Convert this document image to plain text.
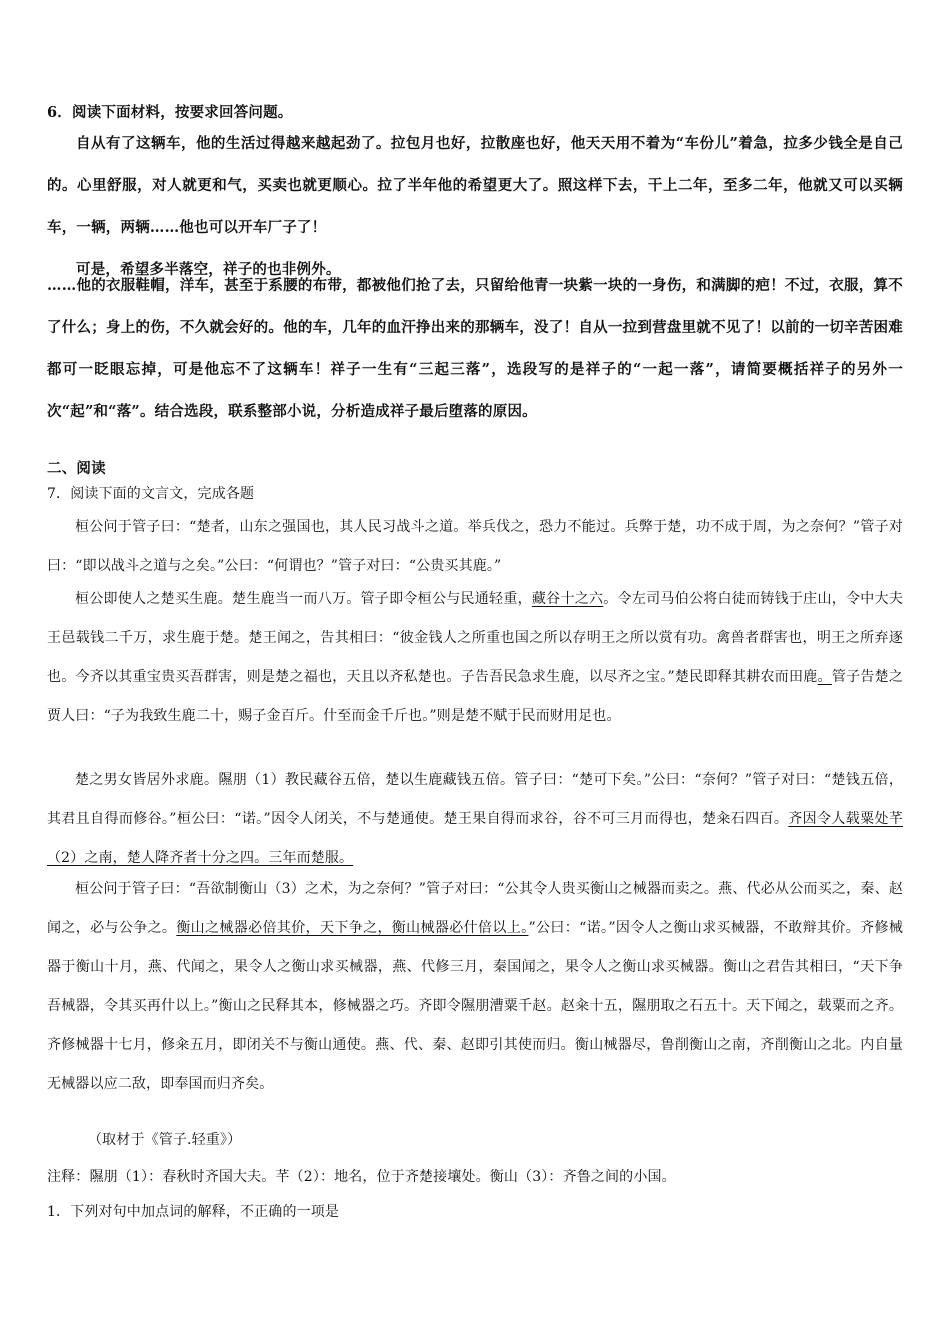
6．阅读下面材料，按要求回答问题。

自从有了这辆车，他的生活过得越来越起劲了。拉包月也好，拉散座也好，他天天用不着为“车份儿”着急，拉多少钱全是自己的。心里舒服，对人就更和气，买卖也就更顺心。拉了半年他的希望更大了。照这样下去，干上二年，至多二年，他就又可以买辆车，一辆，两辆……他也可以开车厂子了！

可是，希望多半落空，祥子的也非例外。

……他的衣服鞋帽，洋车，甚至于系腰的布带，都被他们抢了去，只留给他青一块紫一块的一身伤，和满脚的疤！不过，衣服，算不了什么；身上的伤，不久就会好的。他的车，几年的血汗挣出来的那辆车，没了！自从一拉到营盘里就不见了！以前的一切辛苦困难都可一眨眼忘掉，可是他忘不了这辆车！祥子一生有“三起三落”，选段写的是祥子的“一起一落”，请简要概括祥子的另外一次“起”和“落”。结合选段，联系整部小说，分析造成祥子最后堕落的原因。

二、阅读

7．阅读下面的文言文，完成各题

桓公问于管子曰：“楚者，山东之强国也，其人民习战斗之道。举兵伐之，恐力不能过。兵弊于楚，功不成于周，为之奈何？”管子对曰：“即以战斗之道与之矣。”公曰：“何谓也？”管子对曰：“公贵买其鹿。”

桓公即使人之楚买生鹿。楚生鹿当一而八万。管子即令桓公与民通轻重，藏谷十之六。令左司马伯公将白徒而铸钱于庄山，令中大夫王邑载钱二千万，求生鹿于楚。楚王闻之，告其相曰：“彼金钱人之所重也国之所以存明王之所以赏有功。禽兽者群害也，明王之所弃逐也。今齐以其重宝贵买吾群害，则是楚之福也，天且以齐私楚也。子告吾民急求生鹿，以尽齐之宝。”楚民即释其耕农而田鹿。管子告楚之贾人曰：“子为我致生鹿二十，赐子金百斤。什至而金千斤也。”则是楚不赋于民而财用足也。

楚之男女皆居外求鹿。隰朋（1）教民藏谷五倍，楚以生鹿藏钱五倍。管子曰：“楚可下矣。”公曰：“奈何？”管子对曰：“楚钱五倍，其君且自得而修谷。”桓公曰：“诺。”因令人闭关，不与楚通使。楚王果自得而求谷，谷不可三月而得也，楚籴石四百。齐因令人载粟处芊（2）之南，楚人降齐者十分之四。三年而楚服。

桓公问于管子曰：“吾欲制衡山（3）之术，为之奈何？”管子对曰：“公其令人贵买衡山之械器而卖之。燕、代必从公而买之，秦、赵闻之，必与公争之。衡山之械器必倍其价，天下争之，衡山械器必什倍以上。”公曰：“诺。”因令人之衡山求买械器，不敢辩其价。齐修械器于衡山十月，燕、代闻之，果令人之衡山求买械器，燕、代修三月，秦国闻之，果令人之衡山求买械器。衡山之君告其相曰，“天下争吾械器，令其买再什以上。”衡山之民释其本，修械器之巧。齐即令隰朋漕粟千赵。赵籴十五，隰朋取之石五十。天下闻之，载粟而之齐。齐修械器十七月，修籴五月，即闭关不与衡山通使。燕、代、秦、赵即引其使而归。衡山械器尽，鲁削衡山之南，齐削衡山之北。内自量无械器以应二敌，即奉国而归齐矣。

（取材于《管子.轻重》）

注释：隰朋（1）：春秋时齐国大夫。芊（2）：地名，位于齐楚接壤处。衡山（3）：齐鲁之间的小国。

1．下列对句中加点词的解释，不正确的一项是
